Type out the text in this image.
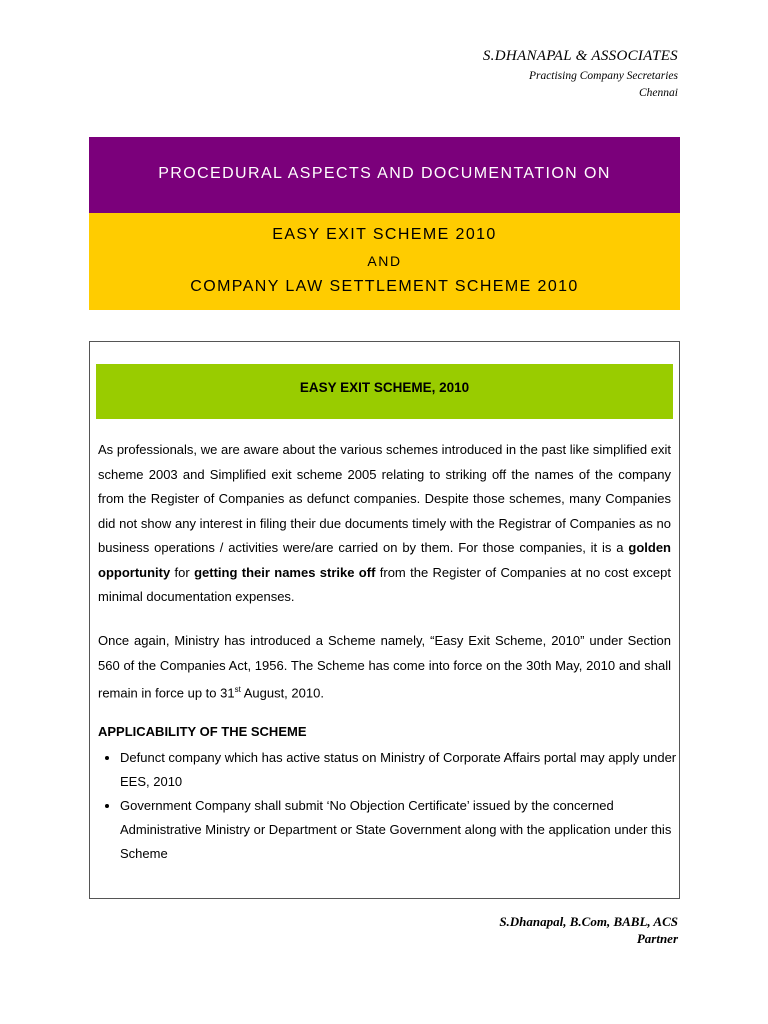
S.DHANAPAL & ASSOCIATES
Practising Company Secretaries
Chennai
PROCEDURAL ASPECTS AND DOCUMENTATION ON
EASY EXIT SCHEME 2010
AND
COMPANY LAW SETTLEMENT SCHEME 2010
EASY EXIT SCHEME, 2010
As professionals, we are aware about the various schemes introduced in the past like simplified exit scheme 2003 and Simplified exit scheme 2005 relating to striking off the names of the company from the Register of Companies as defunct companies. Despite those schemes, many Companies did not show any interest in filing their due documents timely with the Registrar of Companies as no business operations / activities were/are carried on by them. For those companies, it is a golden opportunity for getting their names strike off from the Register of Companies at no cost except minimal documentation expenses.
Once again, Ministry has introduced a Scheme namely, “Easy Exit Scheme, 2010” under Section 560 of the Companies Act, 1956. The Scheme has come into force on the 30th May, 2010 and shall remain in force up to 31st August, 2010.
APPLICABILITY OF THE SCHEME
• Defunct company which has active status on Ministry of Corporate Affairs portal may apply under EES, 2010
• Government Company shall submit ‘No Objection Certificate’ issued by the concerned Administrative Ministry or Department or State Government along with the application under this Scheme
S.Dhanapal, B.Com, BABL, ACS
Partner
